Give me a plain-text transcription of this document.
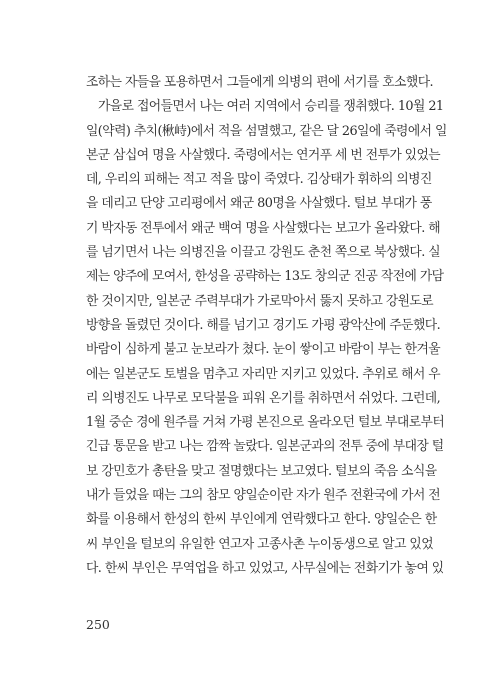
조하는 자들을 포용하면서 그들에게 의병의 편에 서기를 호소했다.
가을로 접어들면서 나는 여러 지역에서 승리를 쟁취했다. 10월 21
일(약력) 추치(楸峙)에서 적을 섬멸했고, 같은 달 26일에 죽령에서 일
본군 삼십여 명을 사살했다. 죽령에서는 연거푸 세 번 전투가 있었는
데, 우리의 피해는 적고 적을 많이 죽였다. 김상태가 휘하의 의병진
을 데리고 단양 고리평에서 왜군 80명을 사살했다. 털보 부대가 풍
기 박자동 전투에서 왜군 백여 명을 사살했다는 보고가 올라왔다. 해
를 넘기면서 나는 의병진을 이끌고 강원도 춘천 쪽으로 북상했다. 실
제는 양주에 모여서, 한성을 공략하는 13도 창의군 진공 작전에 가담
한 것이지만, 일본군 주력부대가 가로막아서 뚫지 못하고 강원도로
방향을 돌렸던 것이다. 해를 넘기고 경기도 가평 광악산에 주둔했다.
바람이 심하게 불고 눈보라가 쳤다. 눈이 쌓이고 바람이 부는 한겨울
에는 일본군도 토벌을 멈추고 자리만 지키고 있었다. 추위로 해서 우
리 의병진도 나무로 모닥불을 피워 온기를 취하면서 쉬었다. 그런데,
1월 중순 경에 원주를 거쳐 가평 본진으로 올라오던 털보 부대로부터
긴급 통문을 받고 나는 깜짝 놀랐다. 일본군과의 전투 중에 부대장 털
보 강민호가 총탄을 맞고 절명했다는 보고였다. 털보의 죽음 소식을
내가 들었을 때는 그의 참모 양일순이란 자가 원주 전환국에 가서 전
화를 이용해서 한성의 한씨 부인에게 연락했다고 한다. 양일순은 한
씨 부인을 털보의 유일한 연고자 고종사촌 누이동생으로 알고 있었
다. 한씨 부인은 무역업을 하고 있었고, 사무실에는 전화기가 놓여 있
250
